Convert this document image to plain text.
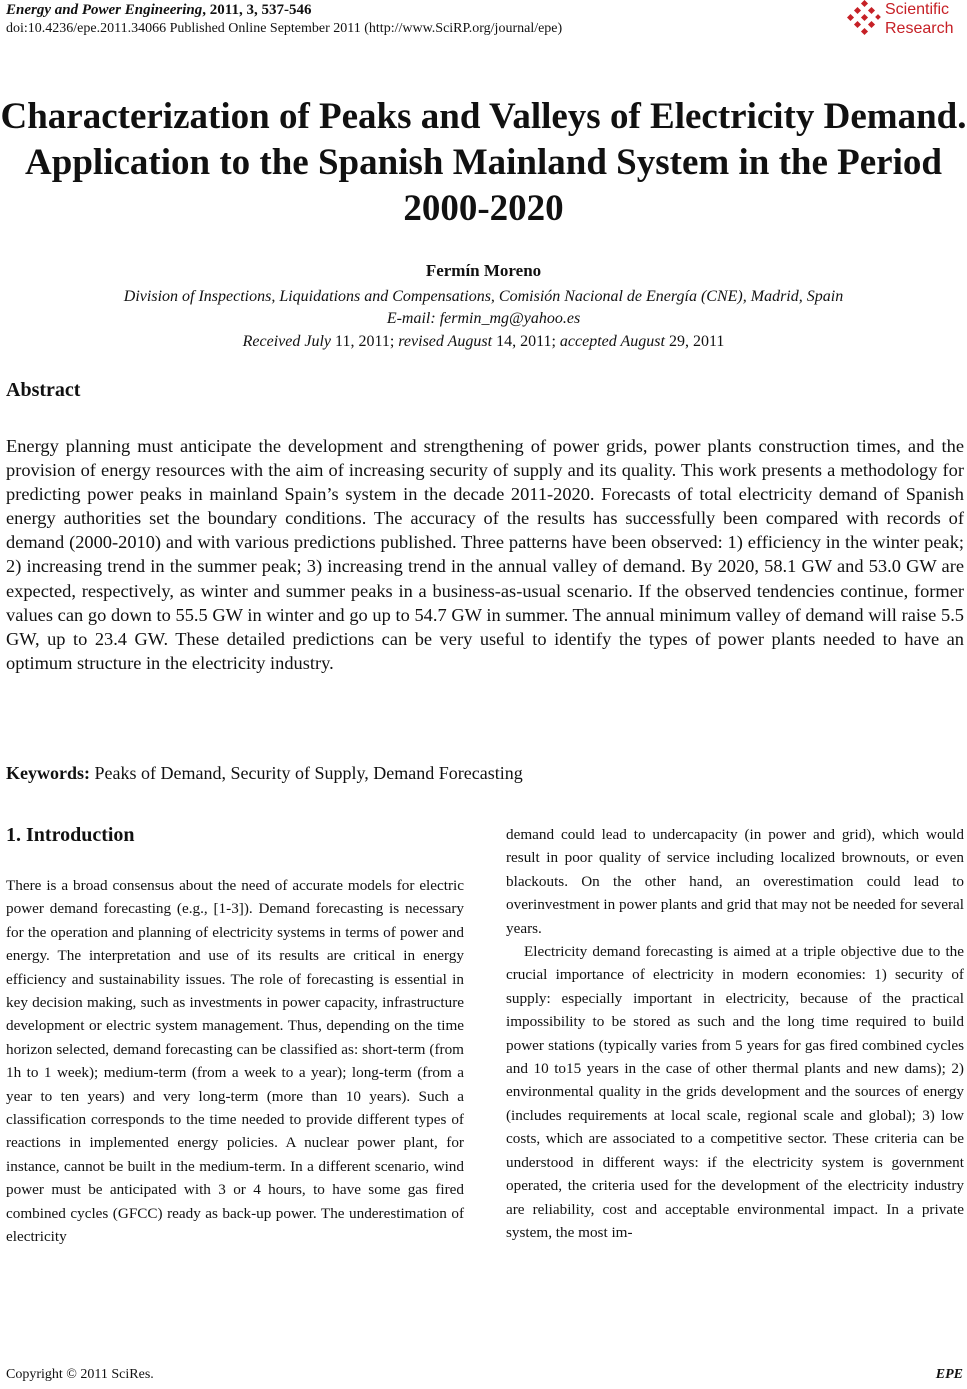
Energy and Power Engineering, 2011, 3, 537-546
doi:10.4236/epe.2011.34066 Published Online September 2011 (http://www.SciRP.org/journal/epe)
Scientific
Research
Characterization of Peaks and Valleys of Electricity Demand. Application to the Spanish Mainland System in the Period 2000-2020
Fermín Moreno
Division of Inspections, Liquidations and Compensations, Comisión Nacional de Energía (CNE), Madrid, Spain
E-mail: fermin_mg@yahoo.es
Received July 11, 2011; revised August 14, 2011; accepted August 29, 2011
Abstract
Energy planning must anticipate the development and strengthening of power grids, power plants construction times, and the provision of energy resources with the aim of increasing security of supply and its quality. This work presents a methodology for predicting power peaks in mainland Spain’s system in the decade 2011-2020. Forecasts of total electricity demand of Spanish energy authorities set the boundary conditions. The accuracy of the results has successfully been compared with records of demand (2000-2010) and with various predictions published. Three patterns have been observed: 1) efficiency in the winter peak; 2) increasing trend in the summer peak; 3) increasing trend in the annual valley of demand. By 2020, 58.1 GW and 53.0 GW are expected, respectively, as winter and summer peaks in a business-as-usual scenario. If the observed tendencies continue, former values can go down to 55.5 GW in winter and go up to 54.7 GW in summer. The annual minimum valley of demand will raise 5.5 GW, up to 23.4 GW. These detailed predictions can be very useful to identify the types of power plants needed to have an optimum structure in the electricity industry.
Keywords: Peaks of Demand, Security of Supply, Demand Forecasting
1. Introduction
There is a broad consensus about the need of accurate models for electric power demand forecasting (e.g., [1-3]). Demand forecasting is necessary for the operation and planning of electricity systems in terms of power and energy. The interpretation and use of its results are critical in energy efficiency and sustainability issues. The role of forecasting is essential in key decision making, such as investments in power capacity, infrastructure development or electric system management. Thus, depending on the time horizon selected, demand forecasting can be classified as: short-term (from 1h to 1 week); medium-term (from a week to a year); long-term (from a year to ten years) and very long-term (more than 10 years). Such a classification corresponds to the time needed to provide different types of reactions in implemented energy policies. A nuclear power plant, for instance, cannot be built in the medium-term. In a different scenario, wind power must be anticipated with 3 or 4 hours, to have some gas fired combined cycles (GFCC) ready as back-up power. The underestimation of electricity

demand could lead to undercapacity (in power and grid), which would result in poor quality of service including localized brownouts, or even blackouts. On the other hand, an overestimation could lead to overinvestment in power plants and grid that may not be needed for several years.

Electricity demand forecasting is aimed at a triple objective due to the crucial importance of electricity in modern economies: 1) security of supply: especially important in electricity, because of the practical impossibility to be stored as such and the long time required to build power stations (typically varies from 5 years for gas fired combined cycles and 10 to15 years in the case of other thermal plants and new dams); 2) environmental quality in the grids development and the sources of energy (includes requirements at local scale, regional scale and global); 3) low costs, which are associated to a competitive sector. These criteria can be understood in different ways: if the electricity system is government operated, the criteria used for the development of the electricity industry are reliability, cost and acceptable environmental impact. In a private system, the most im-

Copyright © 2011 SciRes.	EPE
